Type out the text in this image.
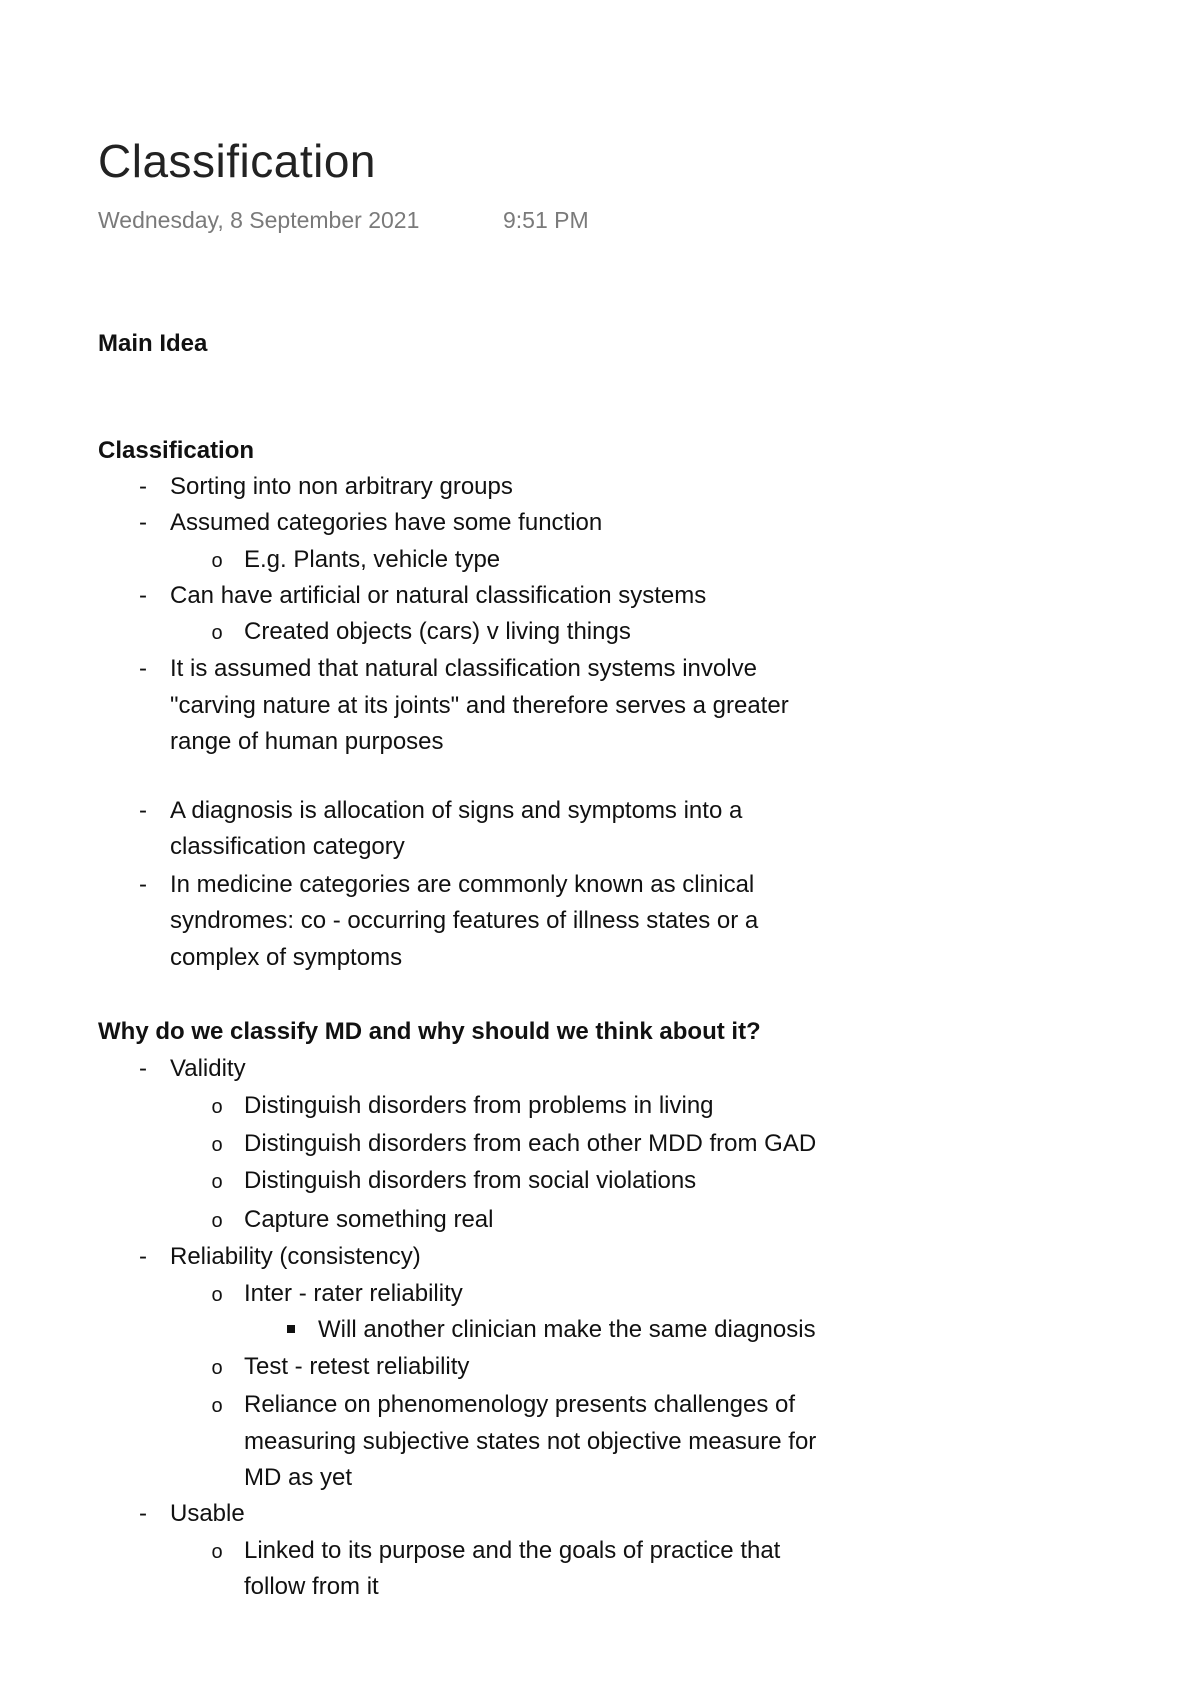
Classification
Wednesday, 8 September 2021	9:51 PM
Main Idea
Classification
-
Sorting into non arbitrary groups
-
Assumed categories have some function
o
E.g. Plants, vehicle type
-
Can have artificial or natural classification systems
o
Created objects (cars) v living things
-
It is assumed that natural classification systems involve
"carving nature at its joints" and therefore serves a greater
range of human purposes
-
A diagnosis is allocation of signs and symptoms into a
classification category
-
In medicine categories are commonly known as clinical
syndromes: co - occurring features of illness states or a
complex of symptoms
Why do we classify MD and why should we think about it?
-
Validity
o
Distinguish disorders from problems in living
o
Distinguish disorders from each other MDD from GAD
o
Distinguish disorders from social violations
o
Capture something real
-
Reliability (consistency)
o
Inter - rater reliability
Will another clinician make the same diagnosis
o
Test - retest reliability
o
Reliance on phenomenology presents challenges of
measuring subjective states not objective measure for
MD as yet
-
Usable
o
Linked to its purpose and the goals of practice that
follow from it
